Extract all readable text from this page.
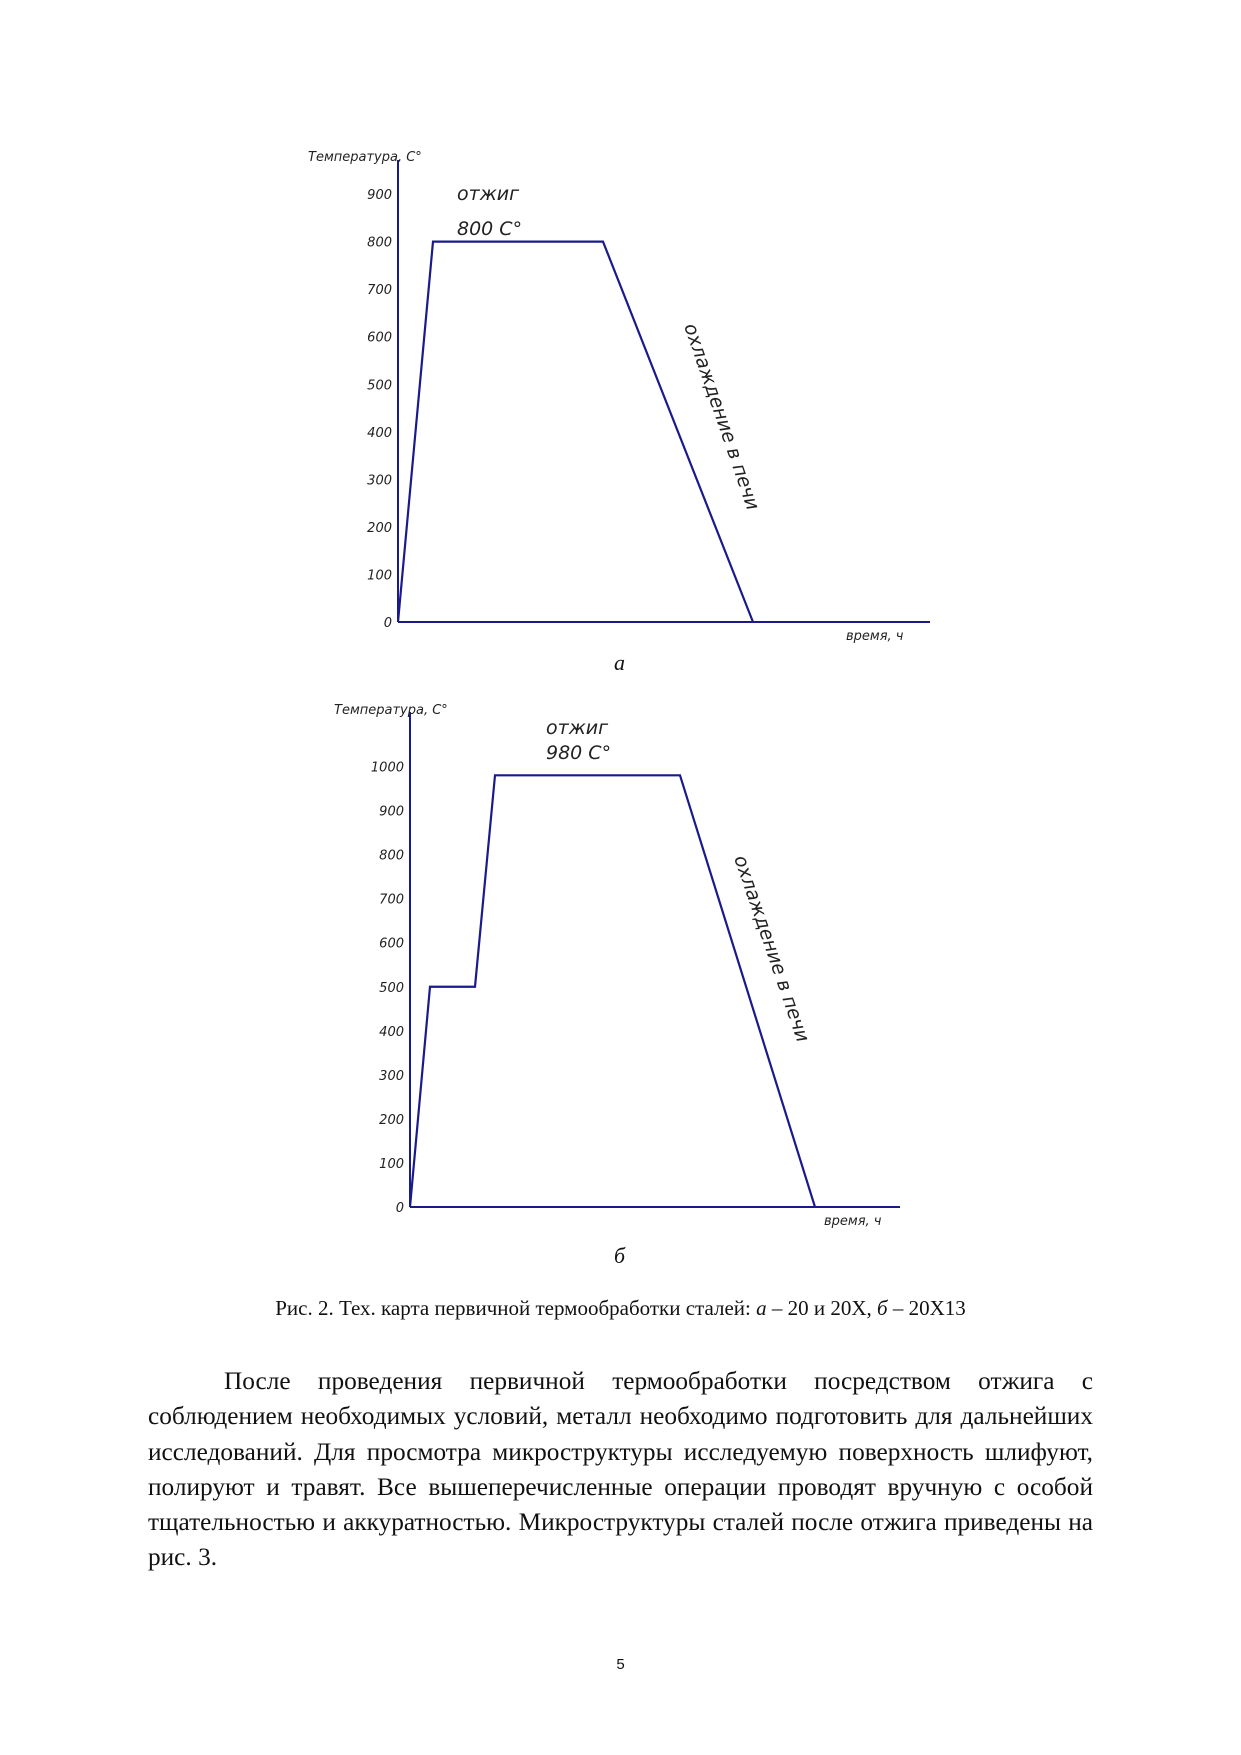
Температура, С°
время, ч
0
100
200
300
400
500
600
700
800
900	отжиг
800 С°
охлаждение в печи
Температура, С°
время, ч
0
100
200
300
400
500
600
700
800
900
1000
отжиг
980 С°
охлаждение в печи
а
б
Рис. 2. Тех. карта первичной термообработки сталей: а – 20 и 20Х, б – 20Х13

После проведения первичной термообработки посредством отжига с соблюдением необходимых условий, металл необходимо подготовить для дальнейших исследований. Для просмотра микроструктуры исследуемую поверхность шлифуют, полируют и травят. Все вышеперечисленные операции проводят вручную с особой тщательностью и аккуратностью. Микроструктуры сталей после отжига приведены на рис. 3.

5
